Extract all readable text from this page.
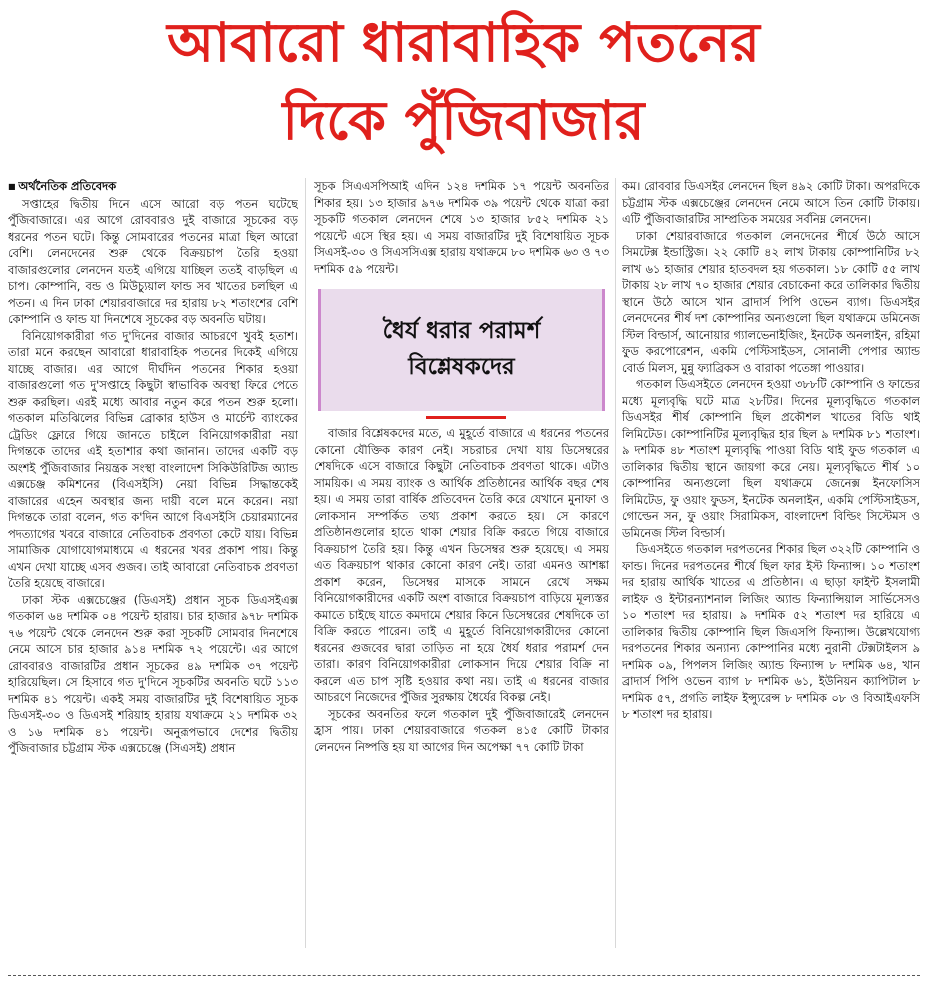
আবারো ধারাবাহিক পতনের
দিকে পুঁজিবাজার
■ অর্থনৈতিক প্রতিবেদক

সপ্তাহের দ্বিতীয় দিনে এসে আরো বড় পতন ঘটেছে পুঁজিবাজারে। এর আগে রোববারও দুই বাজারে সূচকের বড় ধরনের পতন ঘটে। কিন্তু সোমবারের পতনের মাত্রা ছিল আরো বেশি। লেনদেনের শুরু থেকে বিক্রয়চাপ তৈরি হওয়া বাজারগুলোর লেনদেন যতই এগিয়ে যাচ্ছিল ততই বাড়ছিল এ চাপ। কোম্পানি, বন্ড ও মিউচ্যুয়াল ফান্ড সব খাতের চলছিল এ পতন। এ দিন ঢাকা শেয়ারবাজারে দর হারায় ৮২ শতাংশের বেশি কোম্পানি ও ফান্ড যা দিনশেষে সূচকের বড় অবনতি ঘটায়।

বিনিয়োগকারীরা গত দু'দিনের বাজার আচরণে খুবই হতাশ। তারা মনে করছেন আবারো ধারাবাহিক পতনের দিকেই এগিয়ে যাচ্ছে বাজার। এর আগে দীর্ঘদিন পতনের শিকার হওয়া বাজারগুলো গত দু'সপ্তাহে কিছুটা স্বাভাবিক অবস্থা ফিরে পেতে শুরু করছিল। এরই মধ্যে আবার নতুন করে পতন শুরু হলো। গতকাল মতিঝিলের বিভিন্ন ব্রোকার হাউস ও মার্চেন্ট ব্যাংকের ট্রেডিং ফ্লোরে গিয়ে জানতে চাইলে বিনিয়োগকারীরা নয়া দিগন্তকে তাদের এই হতাশার কথা জানান। তাদের একটি বড় অংশই পুঁজিবাজার নিয়ন্ত্রক সংস্থা বাংলাদেশ সিকিউরিটিজ অ্যান্ড এক্সচেঞ্জ কমিশনের (বিএসইসি) নেয়া বিভিন্ন সিদ্ধান্তকেই বাজারের এহেন অবস্থার জন্য দায়ী বলে মনে করেন। নয়া দিগন্তকে তারা বলেন, গত ক'দিন আগে বিএসইসি চেয়ারম্যানের পদত্যাগের খবরে বাজারে নেতিবাচক প্রবণতা কেটে যায়। বিভিন্ন সামাজিক যোগাযোগমাধ্যমে এ ধরনের খবর প্রকাশ পায়। কিন্তু এখন দেখা যাচ্ছে এসব গুজব। তাই আবারো নেতিবাচক প্রবণতা তৈরি হয়েছে বাজারে।

ঢাকা স্টক এক্সচেঞ্জের (ডিএসই) প্রধান সূচক ডিএসইএক্স গতকাল ৬৪ দশমিক ০৪ পয়েন্ট হারায়। চার হাজার ৯৭৮ দশমিক ৭৬ পয়েন্ট থেকে লেনদেন শুরু করা সূচকটি সোমবার দিনশেষে নেমে আসে চার হাজার ৯১৪ দশমিক ৭২ পয়েন্টে। এর আগে রোববারও বাজারটির প্রধান সূচকের ৪৯ দশমিক ৩৭ পয়েন্ট হারিয়েছিল। সে হিসাবে গত দু'দিনে সূচকটির অবনতি ঘটে ১১৩ দশমিক ৪১ পয়েন্ট। একই সময় বাজারটির দুই বিশেষায়িত সূচক ডিএসই-৩০ ও ডিএসই শরিয়াহ হারায় যথাক্রমে ২১ দশমিক ৩২ ও ১৬ দশমিক ৪১ পয়েন্ট। অনুরূপভাবে দেশের দ্বিতীয় পুঁজিবাজার চট্টগ্রাম স্টক এক্সচেঞ্জে (সিএসই) প্রধান

সূচক সিএএসপিআই এদিন ১২৪ দশমিক ১৭ পয়েন্ট অবনতির শিকার হয়। ১৩ হাজার ৯৭৬ দশমিক ৩৯ পয়েন্ট থেকে যাত্রা করা সূচকটি গতকাল লেনদেন শেষে ১৩ হাজার ৮৫২ দশমিক ২১ পয়েন্টে এসে স্থির হয়। এ সময় বাজারটির দুই বিশেষায়িত সূচক সিএসই-৩০ ও সিএসসিএক্স হারায় যথাক্রমে ৮০ দশমিক ৬৩ ও ৭৩ দশমিক ৫৯ পয়েন্ট।

ধৈর্য ধরার পরামর্শ
বিশ্লেষকদের

বাজার বিশ্লেষকদের মতে, এ মুহূর্তে বাজারে এ ধরনের পতনের কোনো যৌক্তিক কারণ নেই। সচরাচর দেখা যায় ডিসেম্বরের শেষদিকে এসে বাজারে কিছুটা নেতিবাচক প্রবণতা থাকে। এটাও সাময়িক। এ সময় ব্যাংক ও আর্থিক প্রতিষ্ঠানের আর্থিক বছর শেষ হয়। এ সময় তারা বার্ষিক প্রতিবেদন তৈরি করে যেখানে মুনাফা ও লোকসান সম্পর্কিত তথ্য প্রকাশ করতে হয়। সে কারণে প্রতিষ্ঠানগুলোর হাতে থাকা শেয়ার বিক্রি করতে গিয়ে বাজারে বিক্রয়চাপ তৈরি হয়। কিন্তু এখন ডিসেম্বর শুরু হয়েছে। এ সময় এত বিক্রয়চাপ থাকার কোনো কারণ নেই। তারা এমনও আশঙ্কা প্রকাশ করেন, ডিসেম্বর মাসকে সামনে রেখে সক্ষম বিনিয়োগকারীদের একটি অংশ বাজারে বিক্রয়চাপ বাড়িয়ে মূল্যস্তর কমাতে চাইছে যাতে কমদামে শেয়ার কিনে ডিসেম্বরের শেষদিকে তা বিক্রি করতে পারেন। তাই এ মুহূর্তে বিনিয়োগকারীদের কোনো ধরনের গুজবের দ্বারা তাড়িত না হয়ে ধৈর্য ধরার পরামর্শ দেন তারা। কারণ বিনিয়োগকারীরা লোকসান দিয়ে শেয়ার বিক্রি না করলে এত চাপ সৃষ্টি হওয়ার কথা নয়। তাই এ ধরনের বাজার আচরণে নিজেদের পুঁজির সুরক্ষায় ধৈর্যের বিকল্প নেই।

সূচকের অবনতির ফলে গতকাল দুই পুঁজিবাজারেই লেনদেন হ্রাস পায়। ঢাকা শেয়ারবাজারে গতকল ৪১৫ কোটি টাকার লেনদেন নিষ্পত্তি হয় যা আগের দিন অপেক্ষা ৭৭ কোটি টাকা

কম। রোববার ডিএসইর লেনদেন ছিল ৪৯২ কোটি টাকা। অপরদিকে চট্টগ্রাম স্টক এক্সচেঞ্জের লেনদেন নেমে আসে তিন কোটি টাকায়। এটি পুঁজিবাজারটির সাম্প্রতিক সময়ের সর্বনিম্ন লেনদেন।

ঢাকা শেয়ারবাজারে গতকাল লেনদেনের শীর্ষে উঠে আসে সিমটেক্স ইন্ডাস্ট্রিজ। ২২ কোটি ৪২ লাখ টাকায় কোম্পানিটির ৮২ লাখ ৬১ হাজার শেয়ার হাতবদল হয় গতকাল। ১৮ কোটি ৫৫ লাখ টাকায় ২৮ লাখ ৭০ হাজার শেয়ার বেচাকেনা করে তালিকার দ্বিতীয় স্থানে উঠে আসে খান ব্রাদার্স পিপি ওভেন ব্যাগ। ডিএসইর লেনদেনের শীর্ষ দশ কোম্পানির অন্যগুলো ছিল যথাক্রমে ডমিনেজ স্টিল বিল্ডার্স, আনোয়ার গ্যালভেনাইজিং, ইনটেক অনলাইন, রহিমা ফুড করপোরেশন, একমি পেস্টিসাইডস, সোনালী পেপার অ্যান্ড বোর্ড মিলস, মুন্নু ফ্যাব্রিকস ও বারাকা পতেঙ্গা পাওয়ার।

গতকাল ডিএসইতে লেনদেন হওয়া ৩৮৮টি কোম্পানি ও ফান্ডের মধ্যে মূল্যবৃদ্ধি ঘটে মাত্র ২৮টির। দিনের মূল্যবৃদ্ধিতে গতকাল ডিএসইর শীর্ষ কোম্পানি ছিল প্রকৌশল খাতের বিডি থাই লিমিটেড। কোম্পানিটির মূল্যবৃদ্ধির হার ছিল ৯ দশমিক ৮১ শতাংশ। ৯ দশমিক ৪৮ শতাংশ মূল্যবৃদ্ধি পাওয়া বিডি থাই ফুড গতকাল এ তালিকার দ্বিতীয় স্থানে জায়গা করে নেয়। মূল্যবৃদ্ধিতে শীর্ষ ১০ কোম্পানির অন্যগুলো ছিল যথাক্রমে জেনেক্স ইনফোসিস লিমিটেড, ফু ওয়াং ফুডস, ইনটেক অনলাইন, একমি পেস্টিসাইডস, গোল্ডেন সন, ফু ওয়াং সিরামিকস, বাংলাদেশ বিল্ডিং সিস্টেমস ও ডমিনেজ স্টিল বিল্ডার্স।

ডিএসইতে গতকাল দরপতনের শিকার ছিল ৩২২টি কোম্পানি ও ফান্ড। দিনের দরপতনের শীর্ষে ছিল ফার ইস্ট ফিন্যান্স। ১০ শতাংশ দর হারায় আর্থিক খাতের এ প্রতিষ্ঠান। এ ছাড়া ফাইন্ট ইসলামী লাইফ ও ইন্টারন্যাশনাল লিজিং অ্যান্ড ফিন্যান্সিয়াল সার্ভিসেসও ১০ শতাংশ দর হারায়। ৯ দশমিক ৫২ শতাংশ দর হারিয়ে এ তালিকার দ্বিতীয় কোম্পানি ছিল জিএসপি ফিন্যান্স। উল্লেখযোগ্য দরপতনের শিকার অন্যান্য কোম্পানির মধ্যে নুরানী টেক্সটাইলস ৯ দশমিক ০৯, পিপলস লিজিং অ্যান্ড ফিন্যান্স ৮ দশমিক ৬৪, খান ব্রাদার্স পিপি ওভেন ব্যাগ ৮ দশমিক ৬১, ইউনিয়ন ক্যাপিটাল ৮ দশমিক ৫৭, প্রগতি লাইফ ইন্স্যুরেন্স ৮ দশমিক ০৮ ও বিআইএফসি ৮ শতাংশ দর হারায়।
